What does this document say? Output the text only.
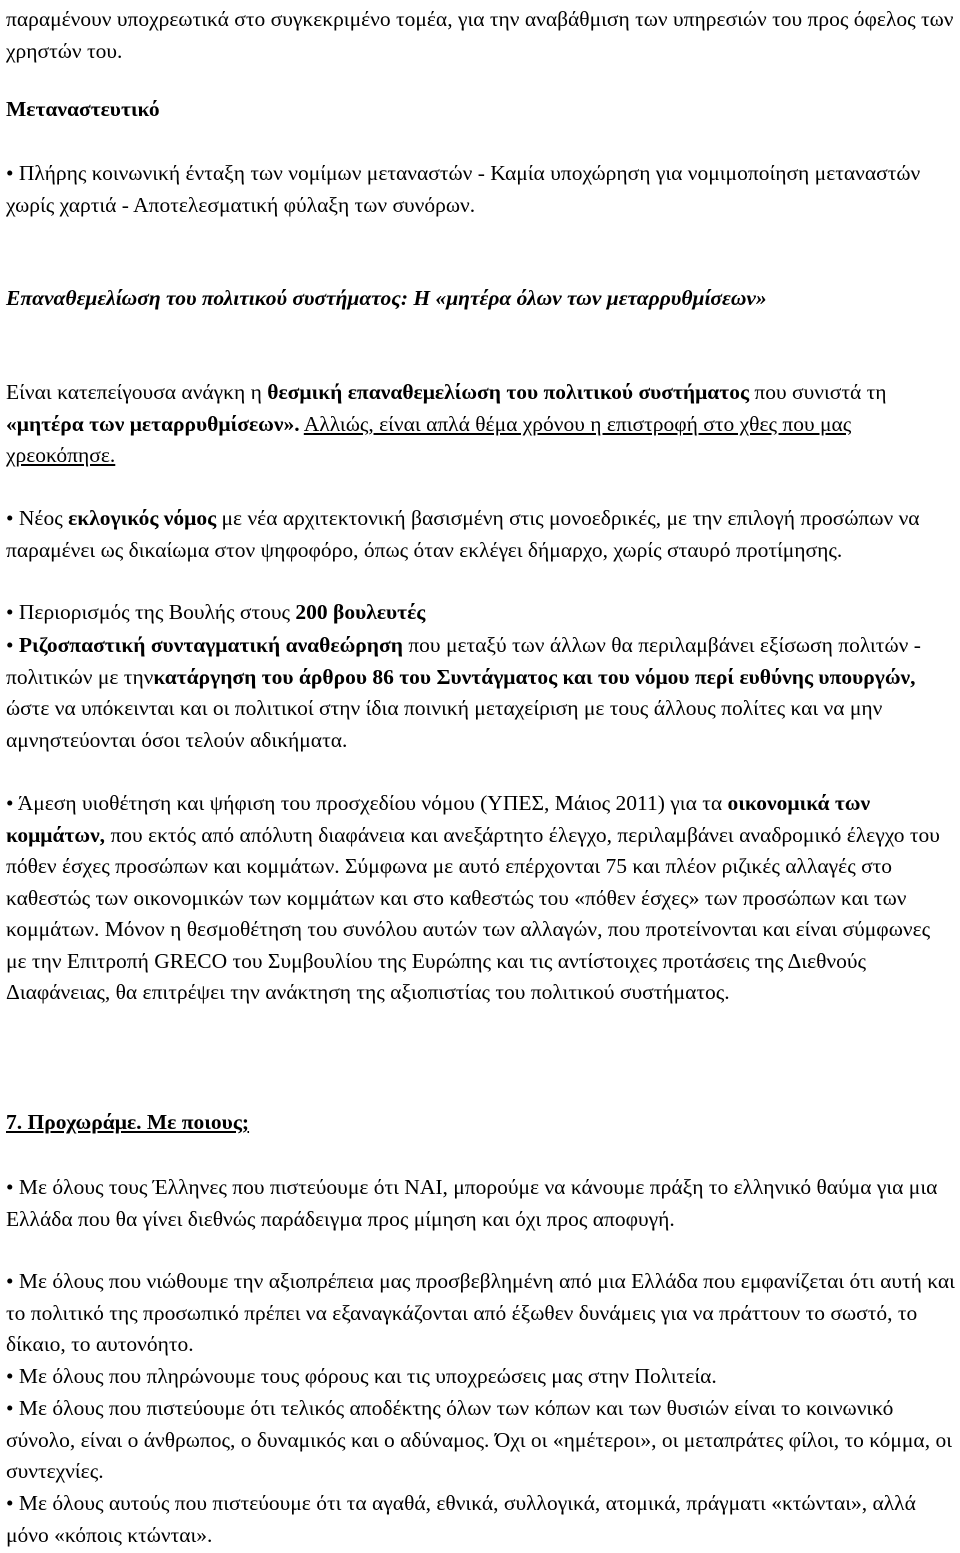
παραμένουν υποχρεωτικά στο συγκεκριμένο τομέα, για την αναβάθμιση των υπηρεσιών του προς όφελος των χρηστών του.

Μεταναστευτικό

• Πλήρης κοινωνική ένταξη των νομίμων μεταναστών - Καμία υποχώρηση για νομιμοποίηση μεταναστών χωρίς χαρτιά - Αποτελεσματική φύλαξη των συνόρων.

Επαναθεμελίωση του πολιτικού συστήματος: Η «μητέρα όλων των μεταρρυθμίσεων»

Είναι κατεπείγουσα ανάγκη η θεσμική επαναθεμελίωση του πολιτικού συστήματος που συνιστά τη «μητέρα των μεταρρυθμίσεων». Αλλιώς, είναι απλά θέμα χρόνου η επιστροφή στο χθες που μας χρεοκόπησε.

• Νέος εκλογικός νόμος με νέα αρχιτεκτονική βασισμένη στις μονοεδρικές, με την επιλογή προσώπων να παραμένει ως δικαίωμα στον ψηφοφόρο, όπως όταν εκλέγει δήμαρχο, χωρίς σταυρό προτίμησης.

• Περιορισμός της Βουλής στους 200 βουλευτές

• Ριζοσπαστική συνταγματική αναθεώρηση που μεταξύ των άλλων θα περιλαμβάνει εξίσωση πολιτών - πολιτικών με τηνκατάργηση του άρθρου 86 του Συντάγματος και του νόμου περί ευθύνης υπουργών, ώστε να υπόκεινται και οι πολιτικοί στην ίδια ποινική μεταχείριση με τους άλλους πολίτες και να μην αμνηστεύονται όσοι τελούν αδικήματα.

• Άμεση υιοθέτηση και ψήφιση του προσχεδίου νόμου (ΥΠΕΣ, Μάιος 2011) για τα οικονομικά των κομμάτων, που εκτός από απόλυτη διαφάνεια και ανεξάρτητο έλεγχο, περιλαμβάνει αναδρομικό έλεγχο του πόθεν έσχες προσώπων και κομμάτων. Σύμφωνα με αυτό επέρχονται 75 και πλέον ριζικές αλλαγές στο καθεστώς των οικονομικών των κομμάτων και στο καθεστώς του «πόθεν έσχες» των προσώπων και των κομμάτων. Μόνον η θεσμοθέτηση του συνόλου αυτών των αλλαγών, που προτείνονται και είναι σύμφωνες με την Επιτροπή GRECO του Συμβουλίου της Ευρώπης και τις αντίστοιχες προτάσεις της Διεθνούς Διαφάνειας, θα επιτρέψει την ανάκτηση της αξιοπιστίας του πολιτικού συστήματος.

7. Προχωράμε. Με ποιους;

• Με όλους τους Έλληνες που πιστεύουμε ότι ΝΑΙ, μπορούμε να κάνουμε πράξη το ελληνικό θαύμα για μια Ελλάδα που θα γίνει διεθνώς παράδειγμα προς μίμηση και όχι προς αποφυγή.

• Με όλους που νιώθουμε την αξιοπρέπεια μας προσβεβλημένη από μια Ελλάδα που εμφανίζεται ότι αυτή και το πολιτικό της προσωπικό πρέπει να εξαναγκάζονται από έξωθεν δυνάμεις για να πράττουν το σωστό, το δίκαιο, το αυτονόητο.

• Με όλους που πληρώνουμε τους φόρους και τις υποχρεώσεις μας στην Πολιτεία.

• Με όλους που πιστεύουμε ότι τελικός αποδέκτης όλων των κόπων και των θυσιών είναι το κοινωνικό σύνολο, είναι ο άνθρωπος, ο δυναμικός και ο αδύναμος. Όχι οι «ημέτεροι», οι μεταπράτες φίλοι, το κόμμα, οι συντεχνίες.

• Με όλους αυτούς που πιστεύουμε ότι τα αγαθά, εθνικά, συλλογικά, ατομικά, πράγματι «κτώνται», αλλά μόνο «κόποις κτώνται».
